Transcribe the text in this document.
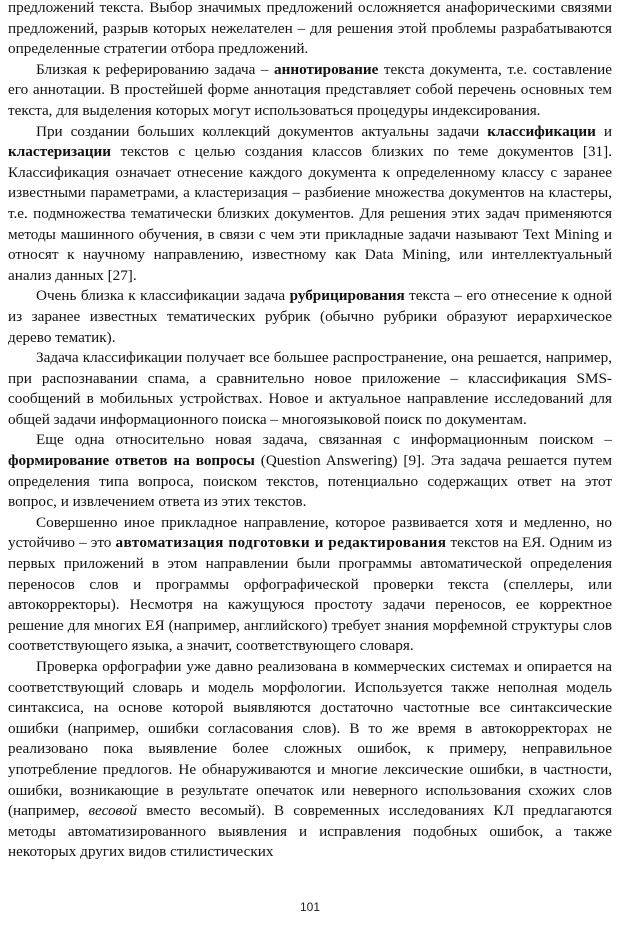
предложений текста. Выбор значимых предложений осложняется анафорическими связями предложений, разрыв которых нежелателен – для решения этой проблемы разрабатываются определенные стратегии отбора предложений.

Близкая к реферированию задача – аннотирование текста документа, т.е. составление его аннотации. В простейшей форме аннотация представляет собой перечень основных тем текста, для выделения которых могут использоваться процедуры индексирования.

При создании больших коллекций документов актуальны задачи классификации и кластеризации текстов с целью создания классов близких по теме документов [31]. Классификация означает отнесение каждого документа к определенному классу с заранее известными параметрами, а кластеризация – разбиение множества документов на кластеры, т.е. подмножества тематически близких документов. Для решения этих задач применяются методы машинного обучения, в связи с чем эти прикладные задачи называют Text Mining и относят к научному направлению, известному как Data Mining, или интеллектуальный анализ данных [27].

Очень близка к классификации задача рубрицирования текста – его отнесение к одной из заранее известных тематических рубрик (обычно рубрики образуют иерархическое дерево тематик).

Задача классификации получает все большее распространение, она решается, например, при распознавании спама, а сравнительно новое приложение – классификация SMS-сообщений в мобильных устройствах. Новое и актуальное направление исследований для общей задачи информационного поиска – многоязыковой поиск по документам.

Еще одна относительно новая задача, связанная с информационным поиском – формирование ответов на вопросы (Question Answering) [9]. Эта задача решается путем определения типа вопроса, поиском текстов, потенциально содержащих ответ на этот вопрос, и извлечением ответа из этих текстов.

Совершенно иное прикладное направление, которое развивается хотя и медленно, но устойчиво – это автоматизация подготовки и редактирования текстов на ЕЯ. Одним из первых приложений в этом направлении были программы автоматической определения переносов слов и программы орфографической проверки текста (спеллеры, или автокорректоры). Несмотря на кажущуюся простоту задачи переносов, ее корректное решение для многих ЕЯ (например, английского) требует знания морфемной структуры слов соответствующего языка, а значит, соответствующего словаря.

Проверка орфографии уже давно реализована в коммерческих системах и опирается на соответствующий словарь и модель морфологии. Используется также неполная модель синтаксиса, на основе которой выявляются достаточно частотные все синтаксические ошибки (например, ошибки согласования слов). В то же время в автокорректорах не реализовано пока выявление более сложных ошибок, к примеру, неправильное употребление предлогов. Не обнаруживаются и многие лексические ошибки, в частности, ошибки, возникающие в результате опечаток или неверного использования схожих слов (например, весовой вместо весомый). В современных исследованиях КЛ предлагаются методы автоматизированного выявления и исправления подобных ошибок, а также некоторых других видов стилистических

101
